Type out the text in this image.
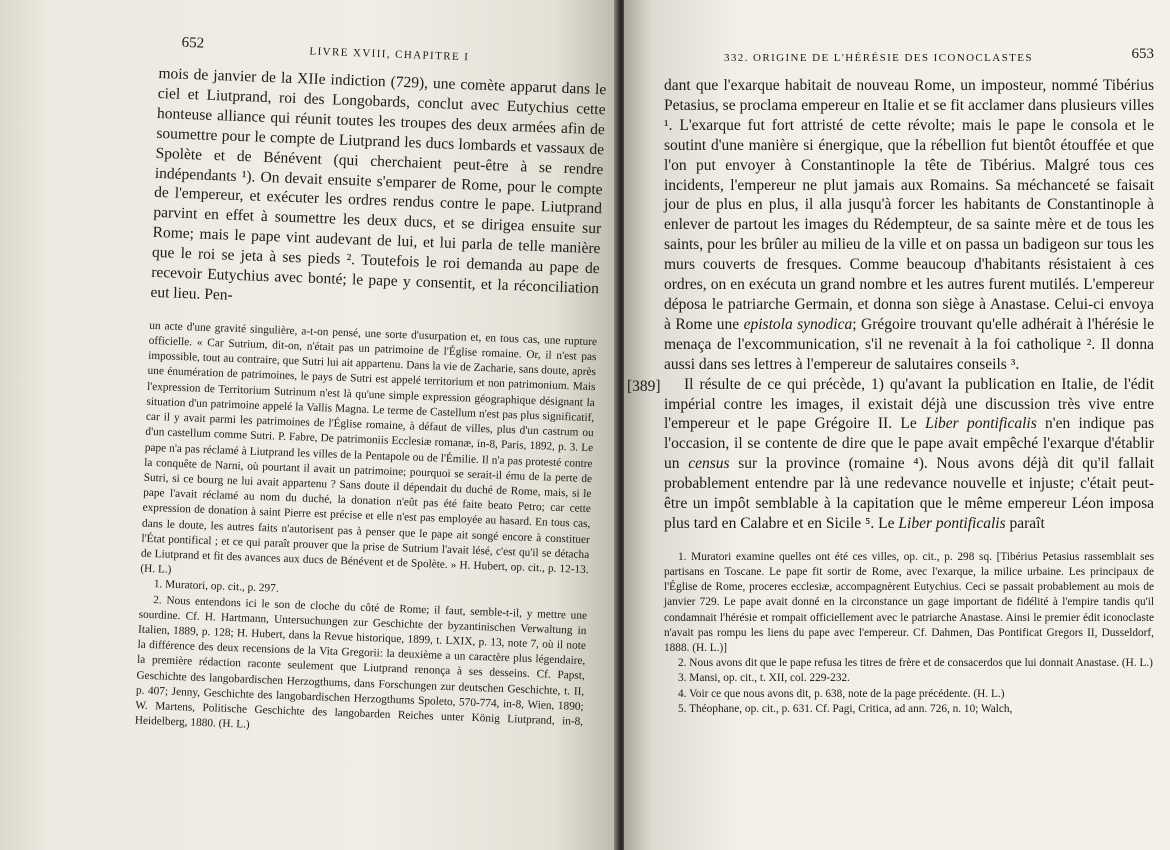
652
LIVRE XVIII, CHAPITRE I

mois de janvier de la XIIe indiction (729), une comète apparut dans le ciel et Liutprand, roi des Longobards, conclut avec Eutychius cette honteuse alliance qui réunit toutes les troupes des deux armées afin de soumettre pour le compte de Liutprand les ducs lombards et vassaux de Spolète et de Bénévent (qui cherchaient peut-être à se rendre indépendants ¹). On devait ensuite s'emparer de Rome, pour le compte de l'empereur, et exécuter les ordres rendus contre le pape. Liutprand parvint en effet à soumettre les deux ducs, et se dirigea ensuite sur Rome; mais le pape vint audevant de lui, et lui parla de telle manière que le roi se jeta à ses pieds ². Toutefois le roi demanda au pape de recevoir Eutychius avec bonté; le pape y consentit, et la réconciliation eut lieu. Pen-

un acte d'une gravité singulière, a-t-on pensé, une sorte d'usurpation et, en tous cas, une rupture officielle. « Car Sutrium, dit-on, n'était pas un patrimoine de l'Église romaine. Or, il n'est pas impossible, tout au contraire, que Sutri lui ait appartenu. Dans la vie de Zacharie, sans doute, après une énumération de patrimoines, le pays de Sutri est appelé territorium et non patrimonium. Mais l'expression de Territorium Sutrinum n'est là qu'une simple expression géographique désignant la situation d'un patrimoine appelé la Vallis Magna. Le terme de Castellum n'est pas plus significatif, car il y avait parmi les patrimoines de l'Église romaine, à défaut de villes, plus d'un castrum ou d'un castellum comme Sutri. P. Fabre, De patrimoniis Ecclesiæ romanæ, in-8, Paris, 1892, p. 3. Le pape n'a pas réclamé à Liutprand les villes de la Pentapole ou de l'Émilie. Il n'a pas protesté contre la conquête de Narni, où pourtant il avait un patrimoine; pourquoi se serait-il ému de la perte de Sutri, si ce bourg ne lui avait appartenu ? Sans doute il dépendait du duché de Rome, mais, si le pape l'avait réclamé au nom du duché, la donation n'eût pas été faite beato Petro; car cette expression de donation à saint Pierre est précise et elle n'est pas employée au hasard. En tous cas, dans le doute, les autres faits n'autorisent pas à penser que le pape ait songé encore à constituer l'État pontifical ; et ce qui paraît prouver que la prise de Sutrium l'avait lésé, c'est qu'il se détacha de Liutprand et fit des avances aux ducs de Bénévent et de Spolète. » H. Hubert, op. cit., p. 12-13. (H. L.)

1. Muratori, op. cit., p. 297.

2. Nous entendons ici le son de cloche du côté de Rome; il faut, semble-t-il, y mettre une sourdine. Cf. H. Hartmann, Untersuchungen zur Geschichte der byzantinischen Verwaltung in Italien, 1889, p. 128; H. Hubert, dans la Revue historique, 1899, t. LXIX, p. 13, note 7, où il note la différence des deux recensions de la Vita Gregorii: la deuxième a un caractère plus légendaire, la première rédaction raconte seulement que Liutprand renonça à ses desseins. Cf. Papst, Geschichte des langobardischen Herzogthums, dans Forschungen zur deutschen Geschichte, t. II, p. 407; Jenny, Geschichte des langobardischen Herzogthums Spoleto, 570-774, in-8, Wien, 1890; W. Martens, Politische Geschichte des langobarden Reiches unter König Liutprand, in-8, Heidelberg, 1880. (H. L.)

332. ORIGINE DE L'HÉRÉSIE DES ICONOCLASTES	653
[389]

dant que l'exarque habitait de nouveau Rome, un imposteur, nommé Tibérius Petasius, se proclama empereur en Italie et se fit acclamer dans plusieurs villes ¹. L'exarque fut fort attristé de cette révolte; mais le pape le consola et le soutint d'une manière si énergique, que la rébellion fut bientôt étouffée et que l'on put envoyer à Constantinople la tête de Tibérius. Malgré tous ces incidents, l'empereur ne plut jamais aux Romains. Sa méchanceté se faisait jour de plus en plus, il alla jusqu'à forcer les habitants de Constantinople à enlever de partout les images du Rédempteur, de sa sainte mère et de tous les saints, pour les brûler au milieu de la ville et on passa un badigeon sur tous les murs couverts de fresques. Comme beaucoup d'habitants résistaient à ces ordres, on en exécuta un grand nombre et les autres furent mutilés. L'empereur déposa le patriarche Germain, et donna son siège à Anastase. Celui-ci envoya à Rome une epistola synodica; Grégoire trouvant qu'elle adhérait à l'hérésie le menaça de l'excommunication, s'il ne revenait à la foi catholique ². Il donna aussi dans ses lettres à l'empereur de salutaires conseils ³.

Il résulte de ce qui précède, 1) qu'avant la publication en Italie, de l'édit impérial contre les images, il existait déjà une discussion très vive entre l'empereur et le pape Grégoire II. Le Liber pontificalis n'en indique pas l'occasion, il se contente de dire que le pape avait empêché l'exarque d'établir un census sur la province (romaine ⁴). Nous avons déjà dit qu'il fallait probablement entendre par là une redevance nouvelle et injuste; c'était peut-être un impôt semblable à la capitation que le même empereur Léon imposa plus tard en Calabre et en Sicile ⁵. Le Liber pontificalis paraît

1. Muratori examine quelles ont été ces villes, op. cit., p. 298 sq. [Tibérius Petasius rassemblait ses partisans en Toscane. Le pape fit sortir de Rome, avec l'exarque, la milice urbaine. Les principaux de l'Église de Rome, proceres ecclesiæ, accompagnèrent Eutychius. Ceci se passait probablement au mois de janvier 729. Le pape avait donné en la circonstance un gage important de fidélité à l'empire tandis qu'il condamnait l'hérésie et rompait officiellement avec le patriarche Anastase. Ainsi le premier édit iconoclaste n'avait pas rompu les liens du pape avec l'empereur. Cf. Dahmen, Das Pontificat Gregors II, Dusseldorf, 1888. (H. L.)]

2. Nous avons dit que le pape refusa les titres de frère et de consacerdos que lui donnait Anastase. (H. L.)

3. Mansi, op. cit., t. XII, col. 229-232.

4. Voir ce que nous avons dit, p. 638, note de la page précédente. (H. L.)

5. Théophane, op. cit., p. 631. Cf. Pagi, Critica, ad ann. 726, n. 10; Walch,
